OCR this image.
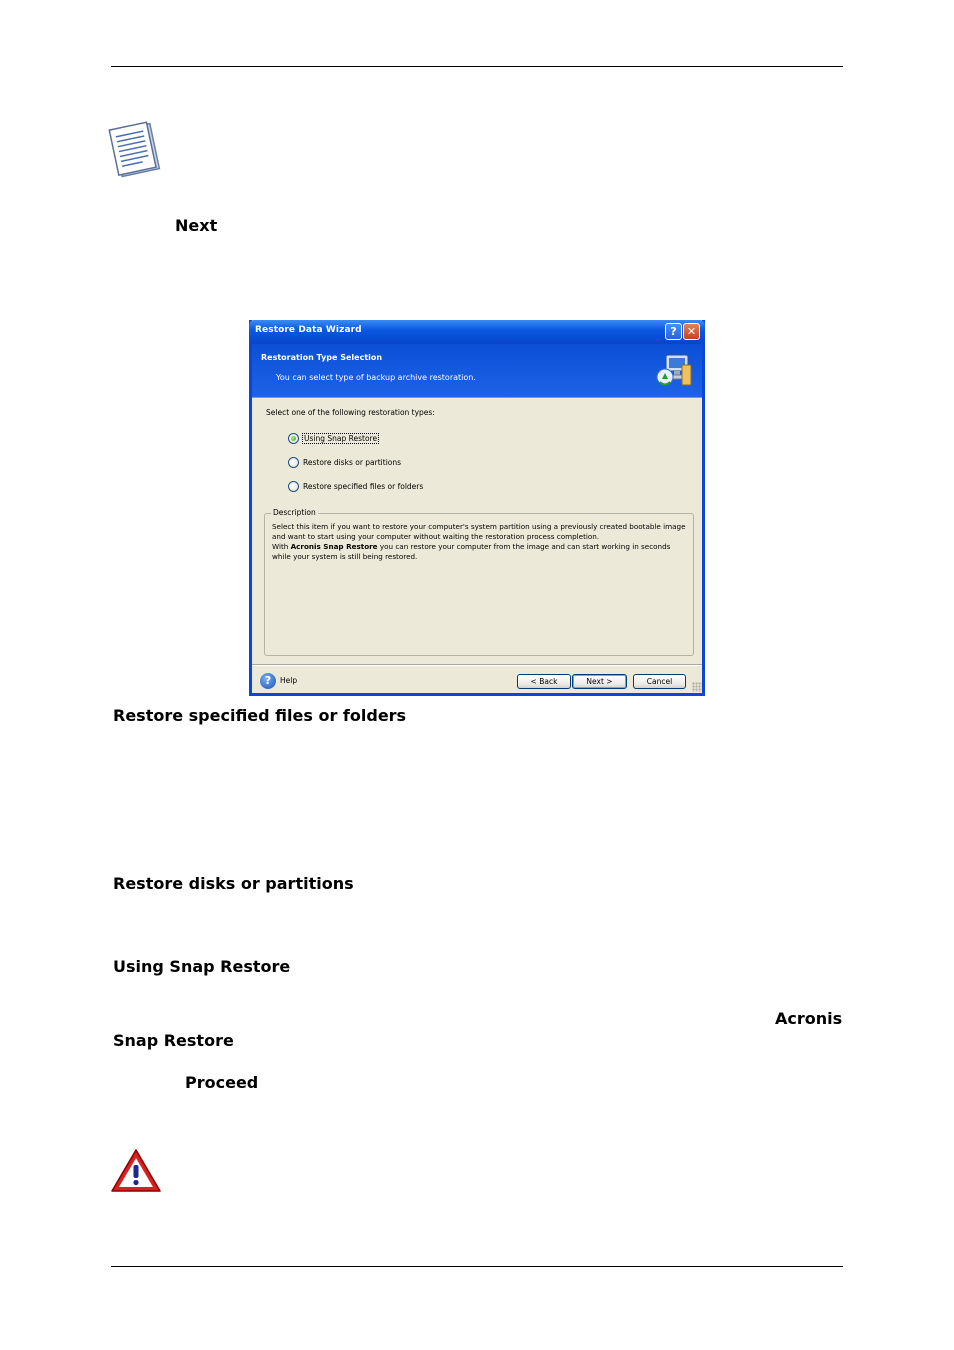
Next
Restore Data Wizard	? ✕
Restoration Type Selection
You can select type of backup archive restoration.
Select one of the following restoration types:
Using Snap Restore
Restore disks or partitions
Restore specified files or folders
Description
Select this item if you want to restore your computer's system partition using a previously created bootable image and want to start using your computer without waiting the restoration process completion.
With Acronis Snap Restore you can restore your computer from the image and can start working in seconds while your system is still being restored.
?	Help	< Back	Next >	Cancel
Restore specified files or folders
Restore disks or partitions
Using Snap Restore
Acronis
Snap Restore
Proceed
